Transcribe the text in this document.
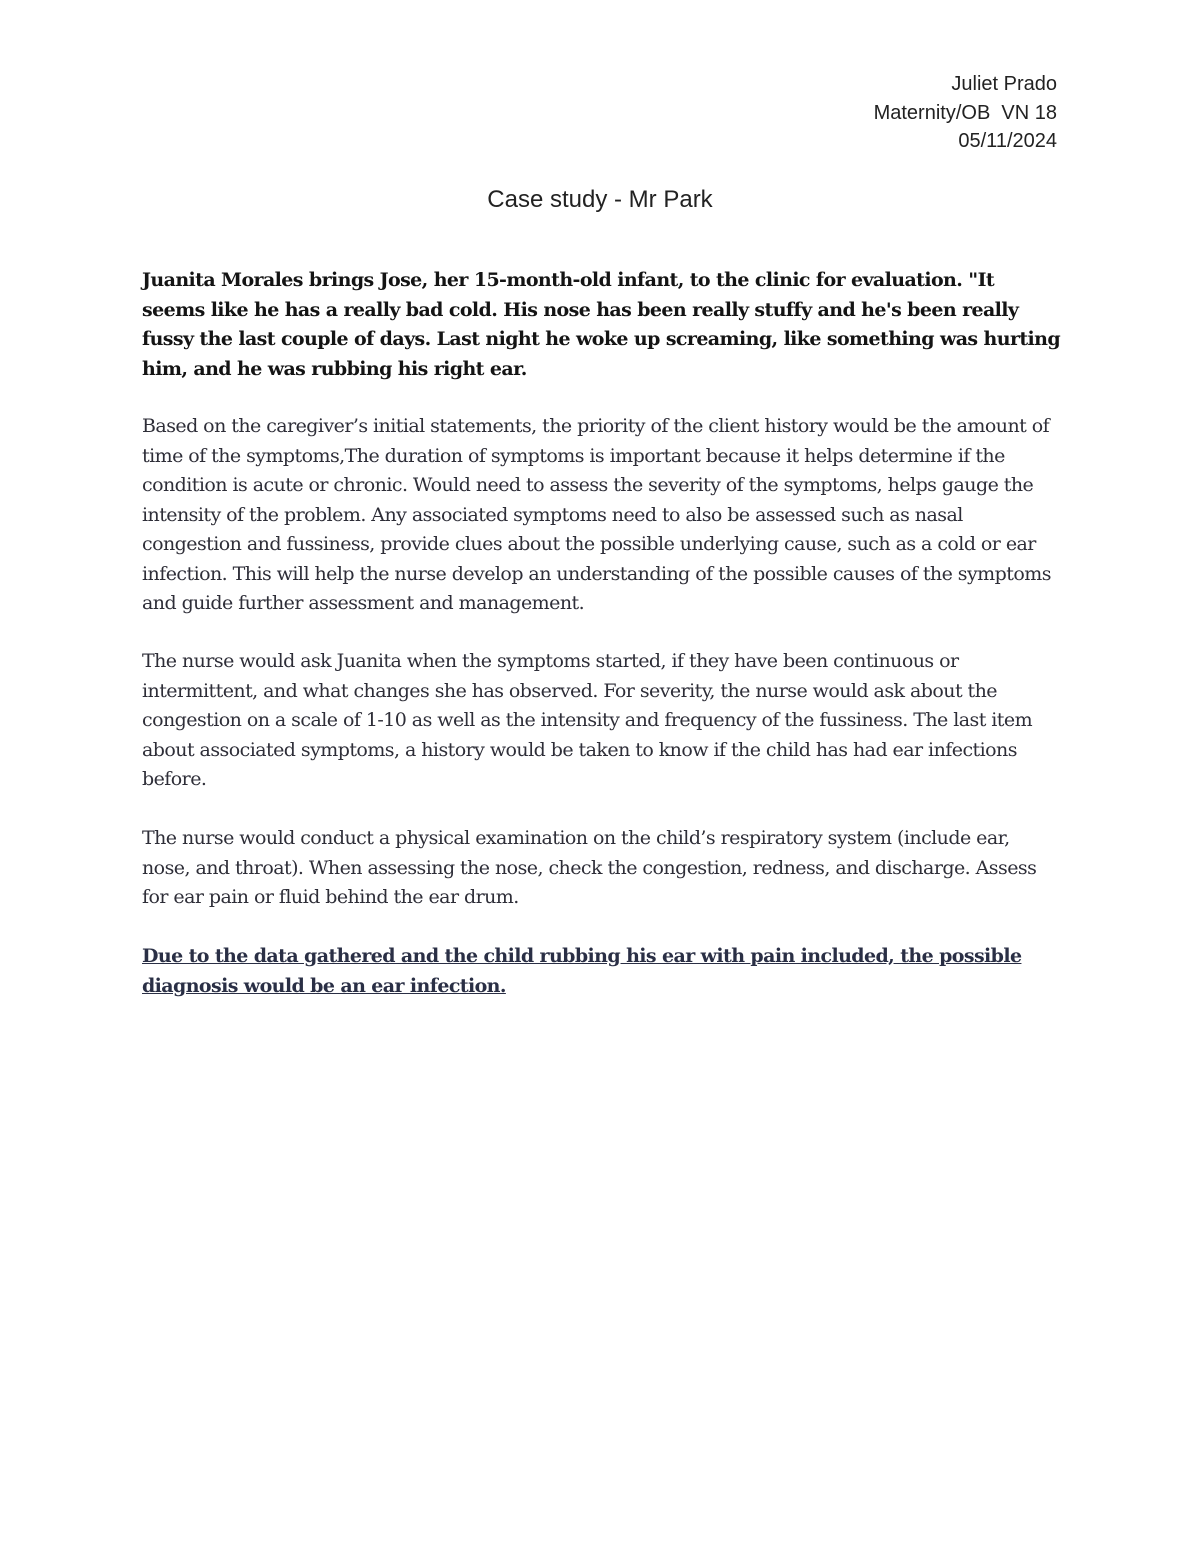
Juliet Prado
Maternity/OB  VN 18
05/11/2024
Case study - Mr Park

Juanita Morales brings Jose, her 15-month-old infant, to the clinic for evaluation. "It seems like he has a really bad cold. His nose has been really stuffy and he's been really fussy the last couple of days. Last night he woke up screaming, like something was hurting him, and he was rubbing his right ear.

Based on the caregiver’s initial statements, the priority of the client history would be the amount of time of the symptoms,The duration of symptoms is important because it helps determine if the condition is acute or chronic. Would need to assess the severity of the symptoms, helps gauge the intensity of the problem. Any associated symptoms need to also be assessed such as nasal congestion and fussiness, provide clues about the possible underlying cause, such as a cold or ear infection. This will help the nurse develop an understanding of the possible causes of the symptoms and guide further assessment and management.

The nurse would ask Juanita when the symptoms started, if they have been continuous or intermittent, and what changes she has observed. For severity, the nurse would ask about the congestion on a scale of 1-10 as well as the intensity and frequency of the fussiness. The last item about associated symptoms, a history would be taken to know if the child has had ear infections before.

The nurse would conduct a physical examination on the child’s respiratory system (include ear, nose, and throat). When assessing the nose, check the congestion, redness, and discharge. Assess for ear pain or fluid behind the ear drum.

Due to the data gathered and the child rubbing his ear with pain included, the possible diagnosis would be an ear infection.
